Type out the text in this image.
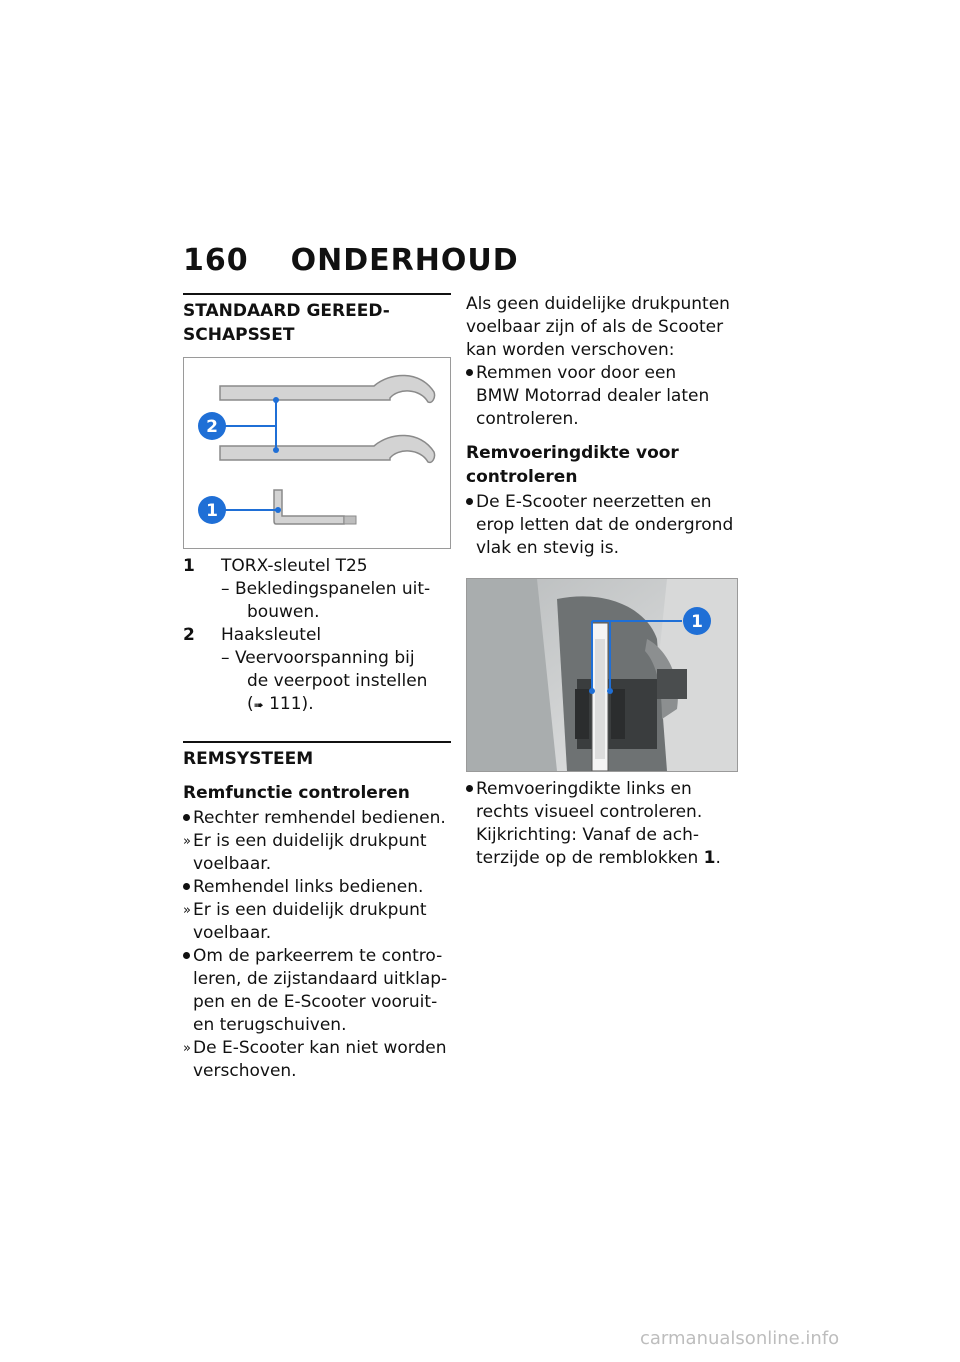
160 ONDERHOUD
STANDAARD GEREED-
SCHAPSSET
2
1
1	TORX-sleutel T25
– Bekledingspanelen uit-
bouwen.
2	Haaksleutel
– Veervoorspanning bij
de veerpoot instellen
(➠ 111).
REMSYSTEEM
Remfunctie controleren
Rechter remhendel bedienen.
» Er is een duidelijk drukpunt
voelbaar.
Remhendel links bedienen.
» Er is een duidelijk drukpunt
voelbaar.
Om de parkeerrem te contro-
leren, de zijstandaard uitklap-
pen en de E-Scooter vooruit-
en terugschuiven.
» De E-Scooter kan niet worden
verschoven.

Als geen duidelijke drukpunten
voelbaar zijn of als de Scooter
kan worden verschoven:

Remmen voor door een
BMW Motorrad dealer laten
controleren.
Remvoeringdikte voor
controleren
De E-Scooter neerzetten en
erop letten dat de ondergrond
vlak en stevig is.
1
Remvoeringdikte links en
rechts visueel controleren.
Kijkrichting: Vanaf de ach-
terzijde op de remblokken 1.
carmanualsonline.info
